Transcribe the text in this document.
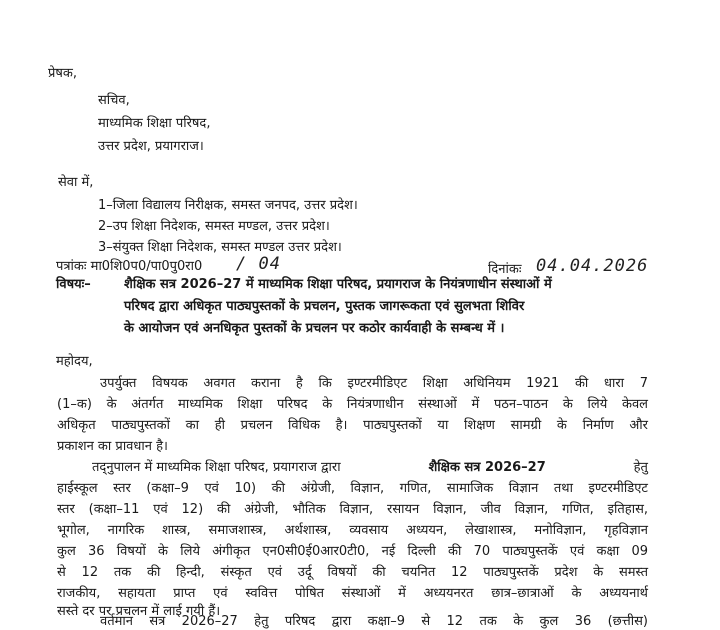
प्रेषक,
सचिव,
माध्यमिक शिक्षा परिषद,
उत्तर प्रदेश, प्रयागराज।
सेवा में,
1–जिला विद्यालय निरीक्षक, समस्त जनपद, उत्तर प्रदेश।
2–उप शिक्षा निदेशक, समस्त मण्डल, उत्तर प्रदेश।
3–संयुक्त शिक्षा निदेशक, समस्त मण्डल उत्तर प्रदेश।
पत्रांकः मा0शि0प0/पा0पु0रा0 / 04	दिनांकः 04.04.2026
विषयः–	शैक्षिक सत्र 2026–27 में माध्यमिक शिक्षा परिषद, प्रयागराज के नियंत्रणाधीन संस्थाओं में
परिषद द्वारा अधिकृत पाठ्यपुस्तकों के प्रचलन, पुस्तक जागरूकता एवं सुलभता शिविर
के आयोजन एवं अनधिकृत पुस्तकों के प्रचलन पर कठोर कार्यवाही के सम्बन्ध में ।
महोदय,
उपर्युक्त विषयक अवगत कराना है कि इण्टरमीडिएट शिक्षा अधिनियम 1921 की धारा 7
(1–क) के अंतर्गत माध्यमिक शिक्षा परिषद के नियंत्रणाधीन संस्थाओं में पठन–पाठन के लिये केवल
अधिकृत पाठ्यपुस्तकों का ही प्रचलन विधिक है। पाठ्यपुस्तकों या शिक्षण सामग्री के निर्माण और
प्रकाशन का प्रावधान है।
तद्नुपालन में माध्यमिक शिक्षा परिषद, प्रयागराज द्वारा	शैक्षिक सत्र 2026–27	हेतु
हाईस्कूल स्तर (कक्षा–9 एवं 10) की अंग्रेजी, विज्ञान, गणित, सामाजिक विज्ञान तथा इण्टरमीडिएट
स्तर (कक्षा–11 एवं 12) की अंग्रेजी, भौतिक विज्ञान, रसायन विज्ञान, जीव विज्ञान, गणित, इतिहास,
भूगोल, नागरिक शास्त्र, समाजशास्त्र, अर्थशास्त्र, व्यवसाय अध्ययन, लेखाशास्त्र, मनोविज्ञान, गृहविज्ञान
कुल 36 विषयों के लिये अंगीकृत एन0सी0ई0आर0टी0, नई दिल्ली की 70 पाठ्यपुस्तकें एवं कक्षा 09
से 12 तक की हिन्दी, संस्कृत एवं उर्दू विषयों की चयनित 12 पाठ्यपुस्तकें प्रदेश के समस्त
राजकीय, सहायता प्राप्त एवं स्ववित्त पोषित संस्थाओं में अध्ययनरत छात्र–छात्राओं के अध्ययनार्थ
सस्ते दर पर प्रचलन में लाई गयी हैं।
वर्तमान सत्र 2026–27 हेतु परिषद द्वारा कक्षा–9 से 12 तक के कुल 36 (छत्तीस)
